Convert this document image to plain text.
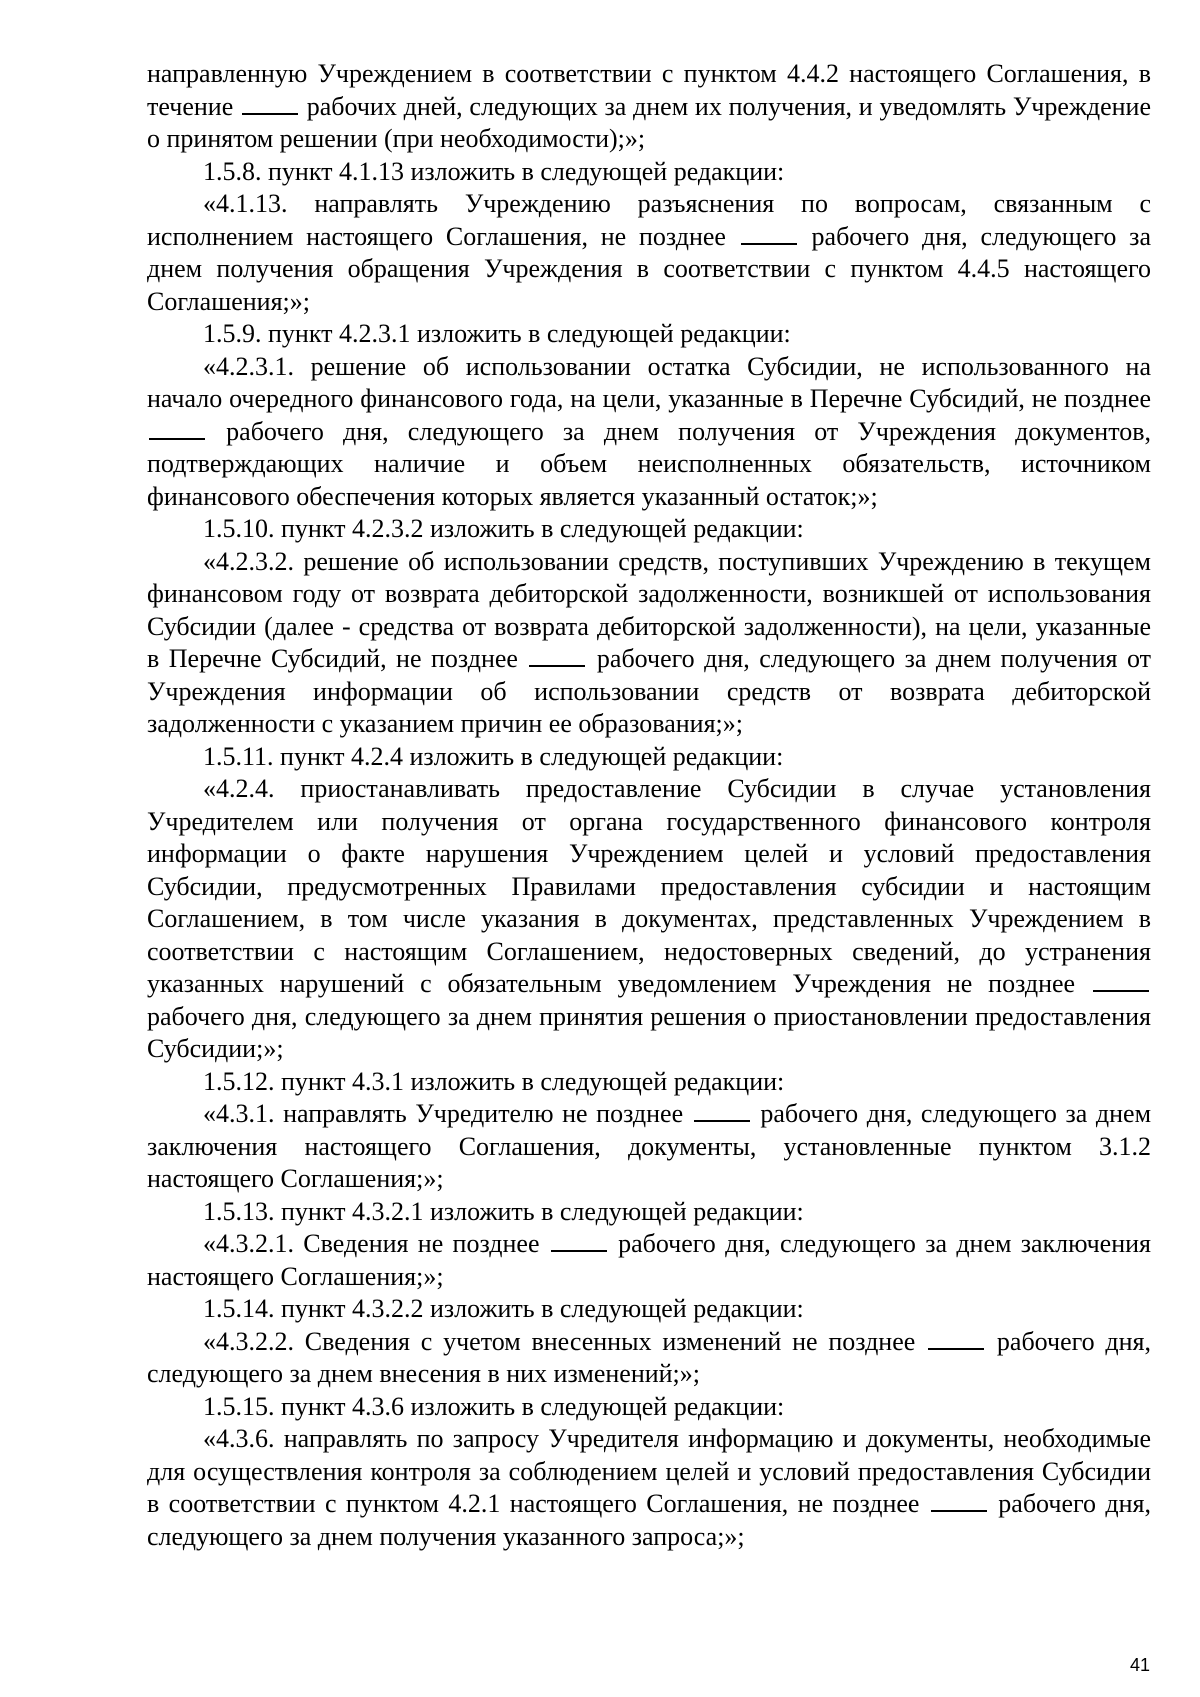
направленную Учреждением в соответствии с пунктом 4.4.2 настоящего Соглашения, в течение	рабочих дней, следующих за днем их получения, и уведомлять Учреждение о принятом решении (при необходимости);»;

1.5.8. пункт 4.1.13 изложить в следующей редакции:

«4.1.13. направлять Учреждению разъяснения по вопросам, связанным с исполнением настоящего Соглашения, не позднее	рабочего дня, следующего за днем получения обращения Учреждения в соответствии с пунктом 4.4.5 настоящего Соглашения;»;

1.5.9. пункт 4.2.3.1 изложить в следующей редакции:

«4.2.3.1. решение об использовании остатка Субсидии, не использованного на начало очередного финансового года, на цели, указанные в Перечне Субсидий, не позднее  рабочего дня, следующего за днем получения от Учреждения документов, подтверждающих наличие и объем неисполненных обязательств, источником финансового обеспечения которых является указанный остаток;»;

1.5.10. пункт 4.2.3.2 изложить в следующей редакции:

«4.2.3.2. решение об использовании средств, поступивших Учреждению в текущем финансовом году от возврата дебиторской задолженности, возникшей от использования Субсидии (далее - средства от возврата дебиторской задолженности), на цели, указанные в Перечне Субсидий, не позднее	рабочего дня, следующего за днем получения от Учреждения информации об использовании средств от возврата дебиторской задолженности с указанием причин ее образования;»;

1.5.11. пункт 4.2.4 изложить в следующей редакции:

«4.2.4. приостанавливать предоставление Субсидии в случае установления Учредителем или получения от органа государственного финансового контроля информации о факте нарушения Учреждением целей и условий предоставления Субсидии, предусмотренных Правилами предоставления субсидии и настоящим Соглашением, в том числе указания в документах, представленных Учреждением в соответствии с настоящим Соглашением, недостоверных сведений, до устранения указанных нарушений с обязательным уведомлением Учреждения не позднее  рабочего дня, следующего за днем принятия решения о приостановлении предоставления Субсидии;»;

1.5.12. пункт 4.3.1 изложить в следующей редакции:

«4.3.1. направлять Учредителю не позднее	рабочего дня, следующего за днем заключения настоящего Соглашения, документы, установленные пунктом 3.1.2 настоящего Соглашения;»;

1.5.13. пункт 4.3.2.1 изложить в следующей редакции:

«4.3.2.1. Сведения не позднее	рабочего дня, следующего за днем заключения настоящего Соглашения;»;

1.5.14. пункт 4.3.2.2 изложить в следующей редакции:

«4.3.2.2. Сведения с учетом внесенных изменений не позднее	рабочего дня, следующего за днем внесения в них изменений;»;

1.5.15. пункт 4.3.6 изложить в следующей редакции:

«4.3.6. направлять по запросу Учредителя информацию и документы, необходимые для осуществления контроля за соблюдением целей и условий предоставления Субсидии в соответствии с пунктом 4.2.1 настоящего Соглашения, не позднее	рабочего дня, следующего за днем получения указанного запроса;»;

41
